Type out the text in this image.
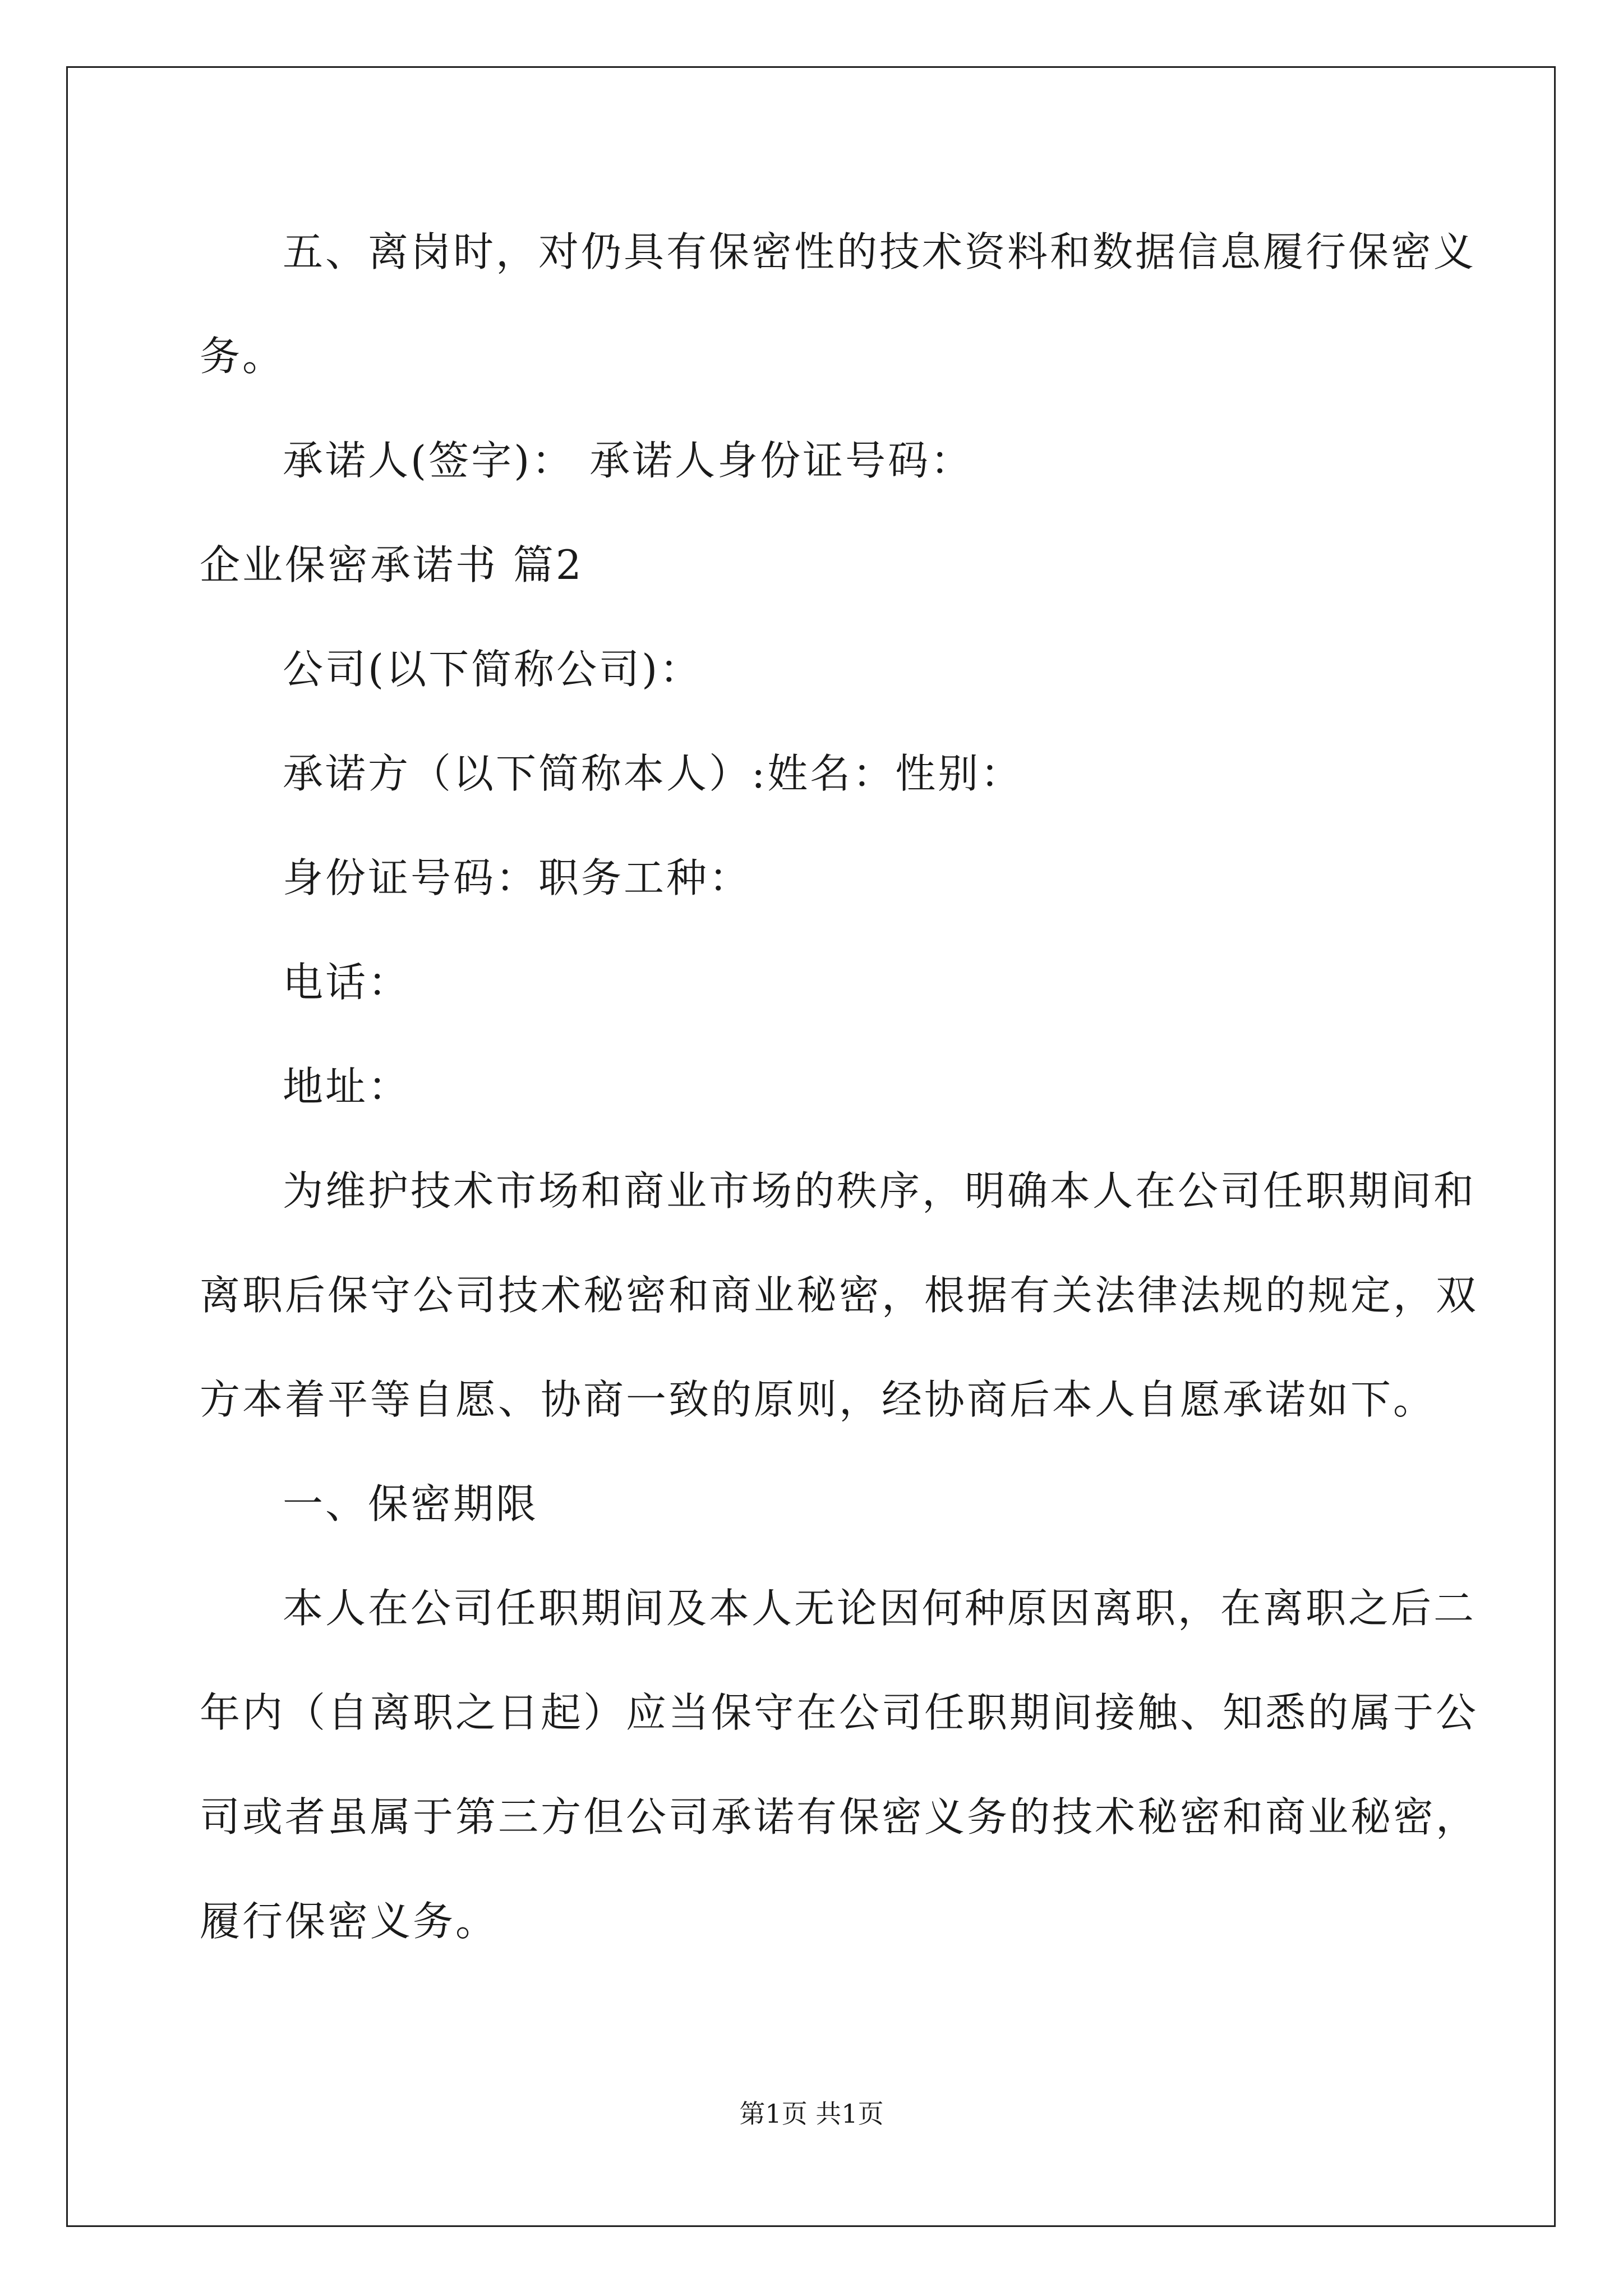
五、离岗时，对仍具有保密性的技术资料和数据信息履行保密义
务。
承诺人(签字)： 承诺人身份证号码：
企业保密承诺书 篇2
公司(以下简称公司)：
承诺方（以下简称本人）:姓名：性别：
身份证号码：职务工种：
电话：
地址：
为维护技术市场和商业市场的秩序，明确本人在公司任职期间和
离职后保守公司技术秘密和商业秘密，根据有关法律法规的规定，双
方本着平等自愿、协商一致的原则，经协商后本人自愿承诺如下。
一、保密期限
本人在公司任职期间及本人无论因何种原因离职，在离职之后二
年内（自离职之日起）应当保守在公司任职期间接触、知悉的属于公
司或者虽属于第三方但公司承诺有保密义务的技术秘密和商业秘密，
履行保密义务。
第1页 共1页
